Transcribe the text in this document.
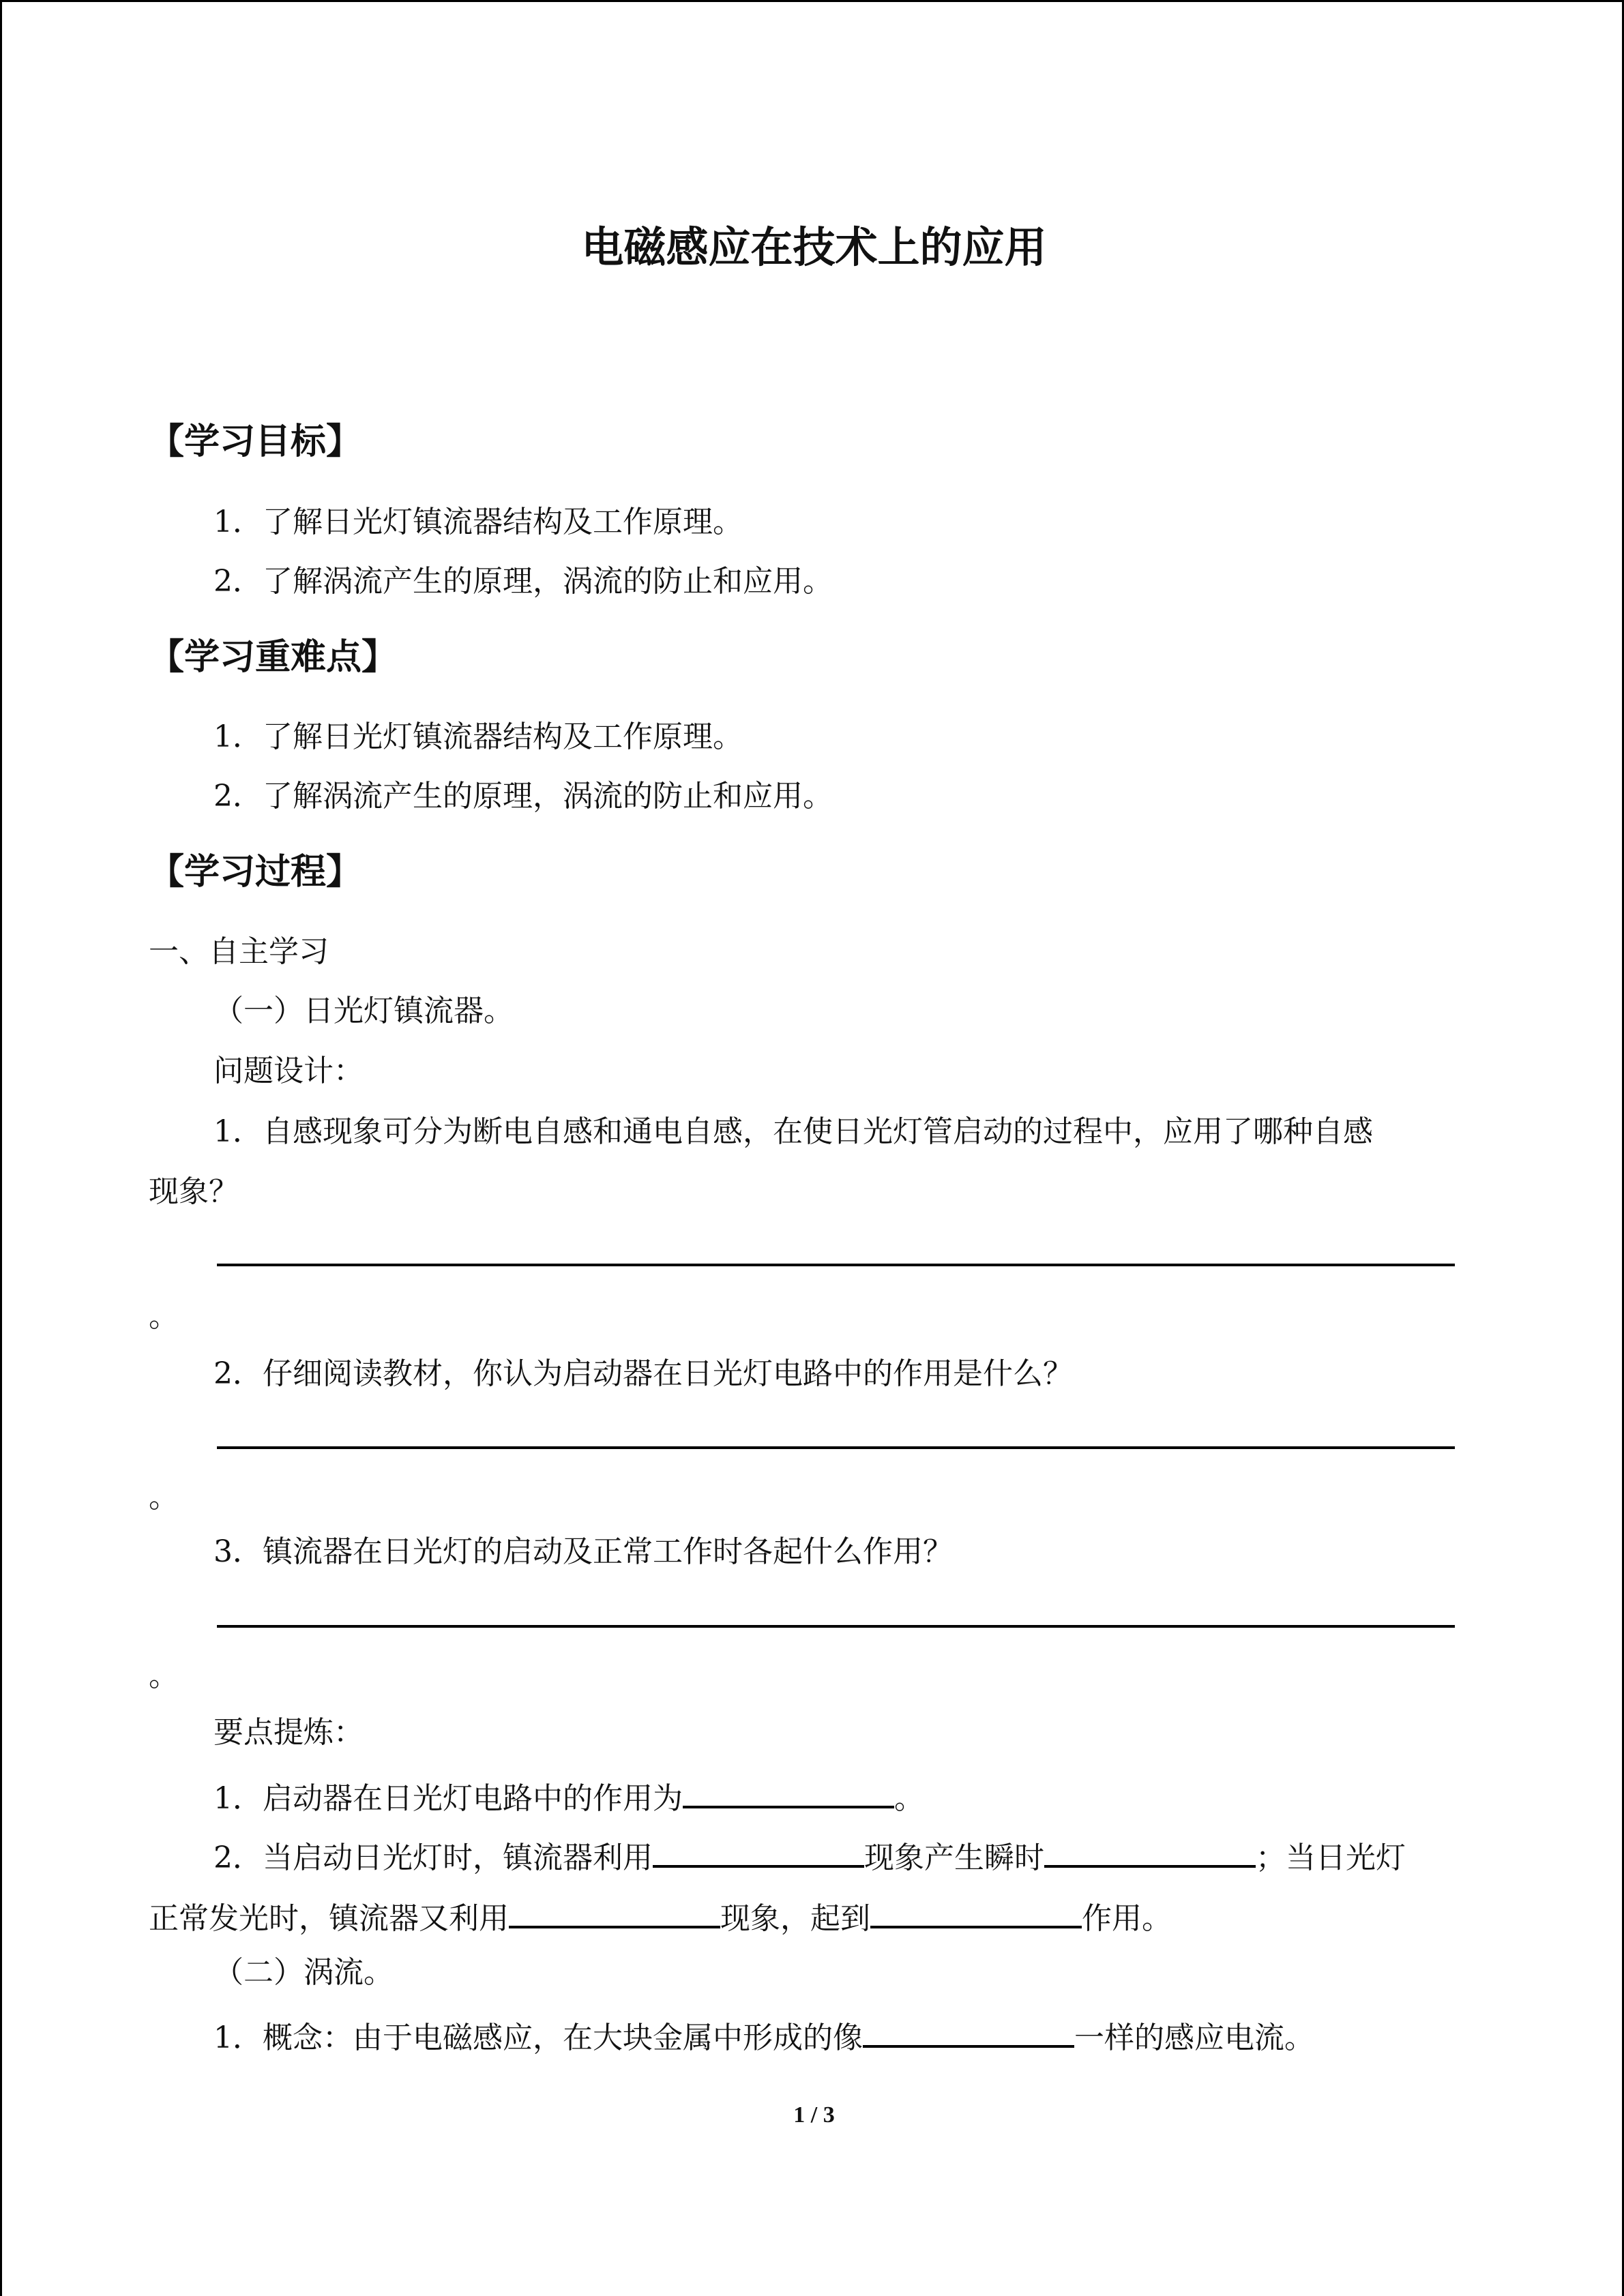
电磁感应在技术上的应用
【学习目标】
1．了解日光灯镇流器结构及工作原理。
2．了解涡流产生的原理，涡流的防止和应用。
【学习重难点】
1．了解日光灯镇流器结构及工作原理。
2．了解涡流产生的原理，涡流的防止和应用。
【学习过程】
一、自主学习
（一）日光灯镇流器。
问题设计：
1．自感现象可分为断电自感和通电自感，在使日光灯管启动的过程中，应用了哪种自感
现象？
。
2．仔细阅读教材，你认为启动器在日光灯电路中的作用是什么？
。
3．镇流器在日光灯的启动及正常工作时各起什么作用？
。
要点提炼：
1．启动器在日光灯电路中的作用为	。
2．当启动日光灯时，镇流器利用	现象产生瞬时	；当日光灯
正常发光时，镇流器又利用	现象，起到	作用。
（二）涡流。
1．概念：由于电磁感应，在大块金属中形成的像	一样的感应电流。
1 / 3
